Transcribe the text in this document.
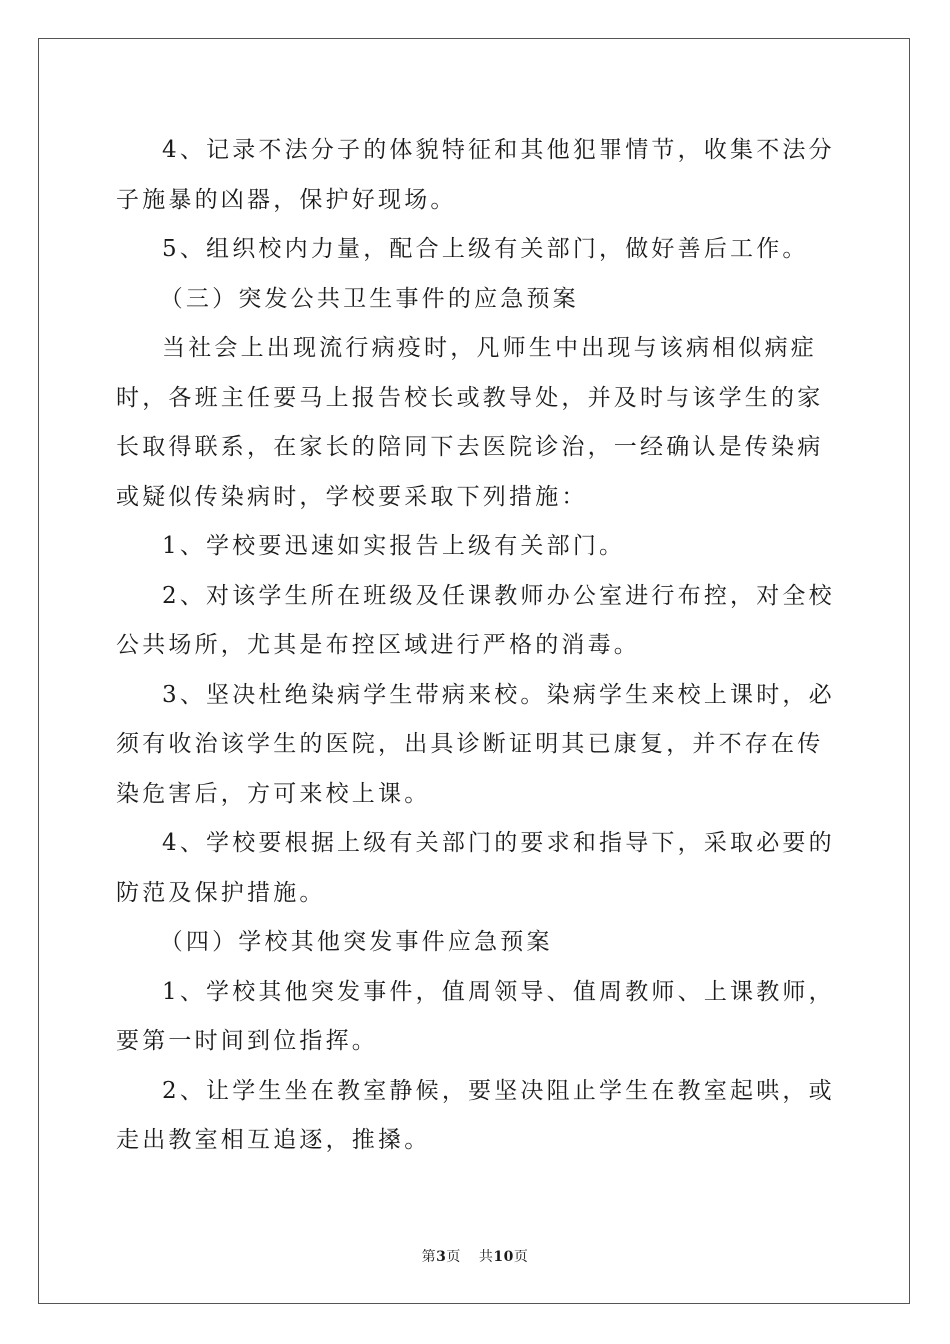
4、记录不法分子的体貌特征和其他犯罪情节，收集不法分子施暴的凶器，保护好现场。

5、组织校内力量，配合上级有关部门，做好善后工作。

（三）突发公共卫生事件的应急预案

当社会上出现流行病疫时，凡师生中出现与该病相似病症时，各班主任要马上报告校长或教导处，并及时与该学生的家长取得联系，在家长的陪同下去医院诊治，一经确认是传染病或疑似传染病时，学校要采取下列措施：

1、学校要迅速如实报告上级有关部门。

2、对该学生所在班级及任课教师办公室进行布控，对全校公共场所，尤其是布控区域进行严格的消毒。

3、坚决杜绝染病学生带病来校。染病学生来校上课时，必须有收治该学生的医院，出具诊断证明其已康复，并不存在传染危害后，方可来校上课。

4、学校要根据上级有关部门的要求和指导下，采取必要的防范及保护措施。

（四）学校其他突发事件应急预案

1、学校其他突发事件，值周领导、值周教师、上课教师，要第一时间到位指挥。

2、让学生坐在教室静候，要坚决阻止学生在教室起哄，或走出教室相互追逐，推搡。

第3页 共10页
